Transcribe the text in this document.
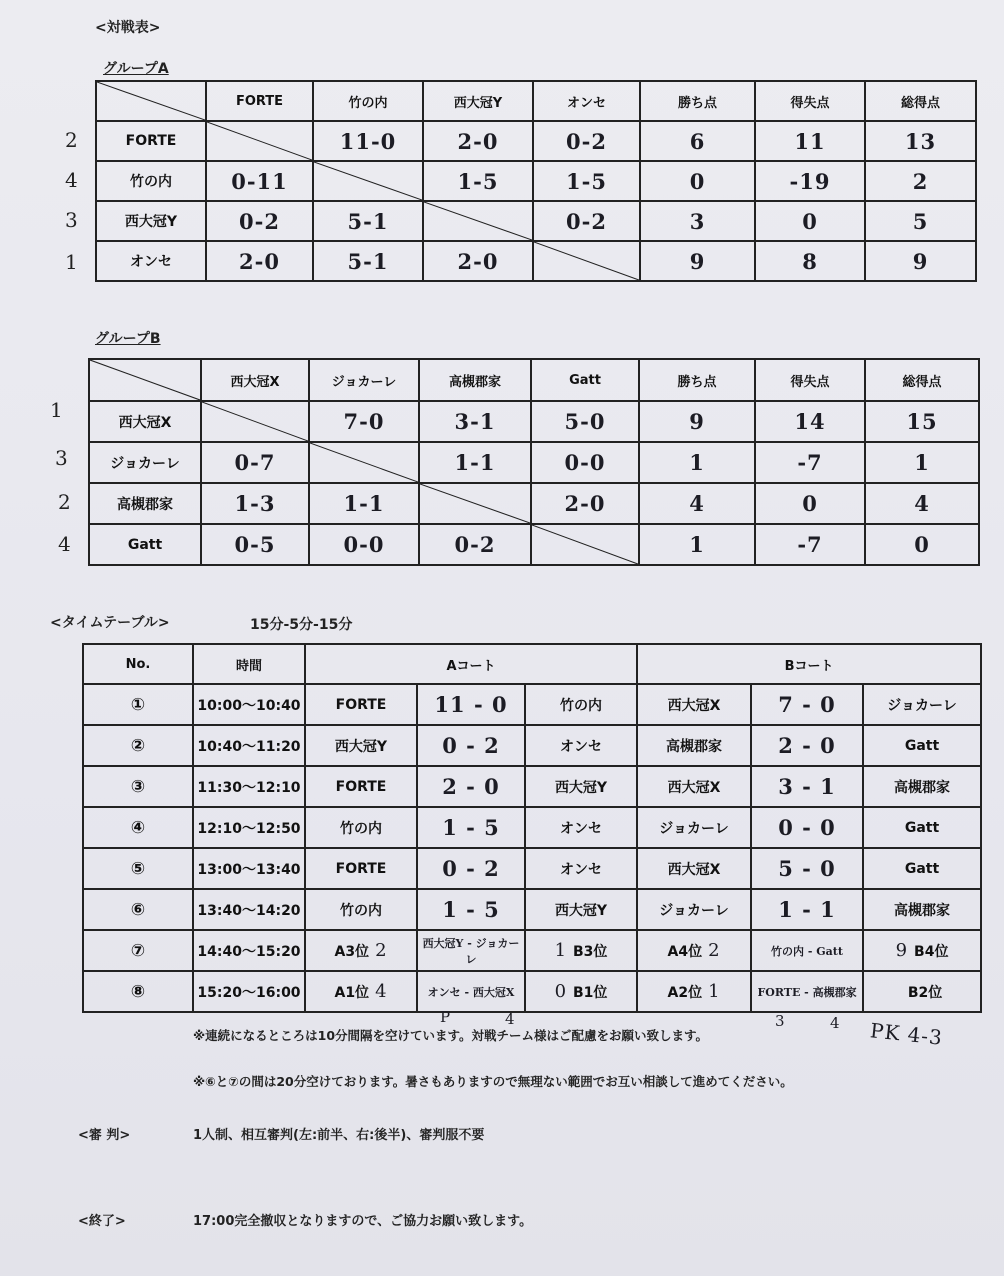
<対戦表>
グループA
2
4
3
1
	FORTE	竹の内	西大冠Y	オンセ	勝ち点	得失点	総得点
FORTE		11-0	2-0	0-2	6	11	13
竹の内	0-11		1-5	1-5	0	-19	2
西大冠Y	0-2	5-1		0-2	3	0	5
オンセ	2-0	5-1	2-0		9	8	9
グループB
1
3
2
4
	西大冠X	ジョカーレ	高槻郡家	Gatt	勝ち点	得失点	総得点
西大冠X		7-0	3-1	5-0	9	14	15
ジョカーレ	0-7		1-1	0-0	1	-7	1
高槻郡家	1-3	1-1		2-0	4	0	4
Gatt	0-5	0-0	0-2		1	-7	0
<タイムテーブル>	15分-5分-15分
No.	時間	Aコート			Bコート		
①	10:00～10:40	FORTE	11 - 0	竹の内	西大冠X	7 - 0	ジョカーレ
②	10:40～11:20	西大冠Y	0 - 2	オンセ	高槻郡家	2 - 0	Gatt
③	11:30～12:10	FORTE	2 - 0	西大冠Y	西大冠X	3 - 1	高槻郡家
④	12:10～12:50	竹の内	1 - 5	オンセ	ジョカーレ	0 - 0	Gatt
⑤	13:00～13:40	FORTE	0 - 2	オンセ	西大冠X	5 - 0	Gatt
⑥	13:40～14:20	竹の内	1 - 5	西大冠Y	ジョカーレ	1 - 1	高槻郡家
⑦	14:40～15:20	A3位 2	西大冠Y - ジョカーレ	1 B3位	A4位 2	竹の内 - Gatt	9 B4位

⑧	15:20～16:00	A1位 4	オンセ - 西大冠X	0 B1位	A2位 1	FORTE - 高槻郡家	B2位
P	4	3	4 PK 4-3
※連続になるところは10分間隔を空けています。対戦チーム様はご配慮をお願い致します。
※⑥と⑦の間は20分空けております。暑さもありますので無理ない範囲でお互い相談して進めてください。
<審 判>	1人制、相互審判(左:前半、右:後半)、審判服不要
<終了>	17:00完全撤収となりますので、ご協力お願い致します。
